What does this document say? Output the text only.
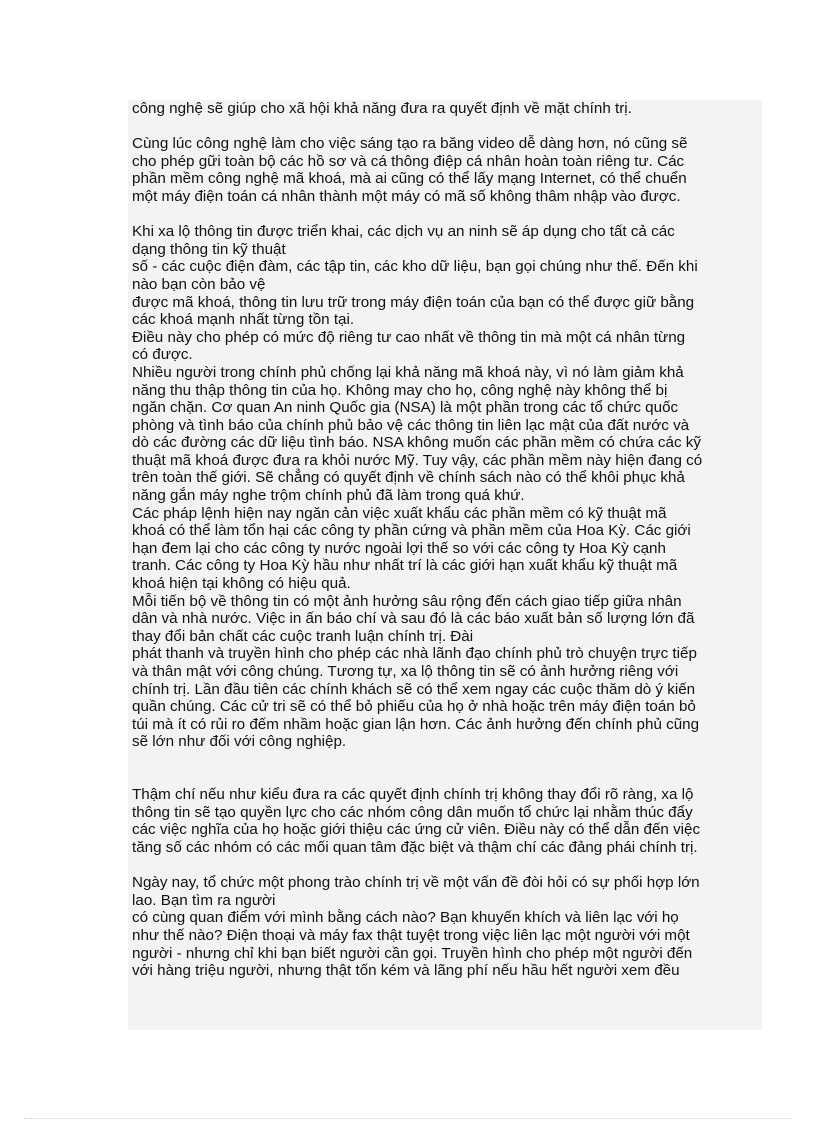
công nghệ sẽ giúp cho xã hội khả năng đưa ra quyết định về mặt chính trị.

Cùng lúc công nghệ làm cho việc sáng tạo ra băng video dễ dàng hơn, nó cũng sẽ
cho phép gữi toàn bộ các hồ sơ và cá thông điệp cá nhân hoàn toàn riêng tư. Các
phần mềm công nghệ mã khoá, mà ai cũng có thể lấy mạng Internet, có thể chuển
một máy điện toán cá nhân thành một máy có mã số không thâm nhập vào được.

Khi xa lộ thông tin được triển khai, các dịch vụ an ninh sẽ áp dụng cho tất cả các
dạng thông tin kỹ thuật
số - các cuộc điện đàm, các tập tin, các kho dữ liệu, bạn gọi chúng như thế. Đến khi
nào bạn còn bảo vệ
được mã khoá, thông tin lưu trữ trong máy điện toán của bạn có thể được giữ bằng
các khoá mạnh nhất từng tồn tại.
Điều này cho phép có mức độ riêng tư cao nhất về thông tin mà một cá nhân từng
có được.
Nhiều người trong chính phủ chống lại khả năng mã khoá này, vì nó làm giảm khả
năng thu thập thông tin của họ. Không may cho họ, công nghệ này không thể bị
ngăn chặn. Cơ quan An ninh Quốc gia (NSA) là một phần trong các tổ chức quốc
phòng và tình báo của chính phủ bảo vệ các thông tin liên lạc mật của đất nước và
dò các đường các dữ liệu tình báo. NSA không muốn các phần mềm có chứa các kỹ
thuật mã khoá được đưa ra khỏi nước Mỹ. Tuy vậy, các phần mềm này hiện đang có
trên toàn thế giới. Sẽ chẳng có quyết định về chính sách nào có thể khôi phục khả
năng gắn máy nghe trộm chính phủ đã làm trong quá khứ.
Các pháp lệnh hiện nay ngăn cản việc xuất khẩu các phần mềm có kỹ thuật mã
khoá có thể làm tổn hại các công ty phần cứng và phần mềm của Hoa Kỳ. Các giới
hạn đem lại cho các công ty nước ngoài lợi thế so với các công ty Hoa Kỳ cạnh
tranh. Các công ty Hoa Kỳ hầu như nhất trí là các giới hạn xuất khẩu kỹ thuật mã
khoá hiện tại không có hiệu quả.
Mỗi tiến bộ về thông tin có một ảnh hưởng sâu rộng đến cách giao tiếp giữa nhân
dân và nhà nước. Việc in ấn báo chí và sau đó là các báo xuất bản số lượng lớn đã
thay đổi bản chất các cuộc tranh luận chính trị. Đài
phát thanh và truyền hình cho phép các nhà lãnh đạo chính phủ trò chuyện trực tiếp
và thân mật với công chúng. Tương tự, xa lộ thông tin sẽ có ảnh hưởng riêng với
chính trị. Lần đầu tiên các chính khách sẽ có thể xem ngay các cuộc thăm dò ý kiến
quần chúng. Các cử tri sẽ có thể bỏ phiếu của họ ở nhà hoặc trên máy điện toán bỏ
túi mà ít có rủi ro đếm nhầm hoặc gian lận hơn. Các ảnh hưởng đến chính phủ cũng
sẽ lớn như đối với công nghiệp.

Thậm chí nếu như kiểu đưa ra các quyết định chính trị không thay đổi rõ ràng, xa lộ
thông tin sẽ tạo quyền lực cho các nhóm công dân muốn tổ chức lại nhằm thúc đẩy
các việc nghĩa của họ hoặc giới thiệu các ứng cử viên. Điều này có thể dẫn đến việc
tăng số các nhóm có các mối quan tâm đặc biệt và thậm chí các đảng phái chính trị.

Ngày nay, tổ chức một phong trào chính trị về một vấn đề đòi hỏi có sự phối hợp lớn
lao. Bạn tìm ra người
có cùng quan điểm với mình bằng cách nào? Bạn khuyến khích và liên lạc với họ
như thế nào? Điện thoại và máy fax thật tuyệt trong việc liên lạc một người với một
người - nhưng chỉ khi bạn biết người cần gọi. Truyền hình cho phép một người đến
với hàng triệu người, nhưng thật tốn kém và lãng phí nếu hầu hết người xem đều
